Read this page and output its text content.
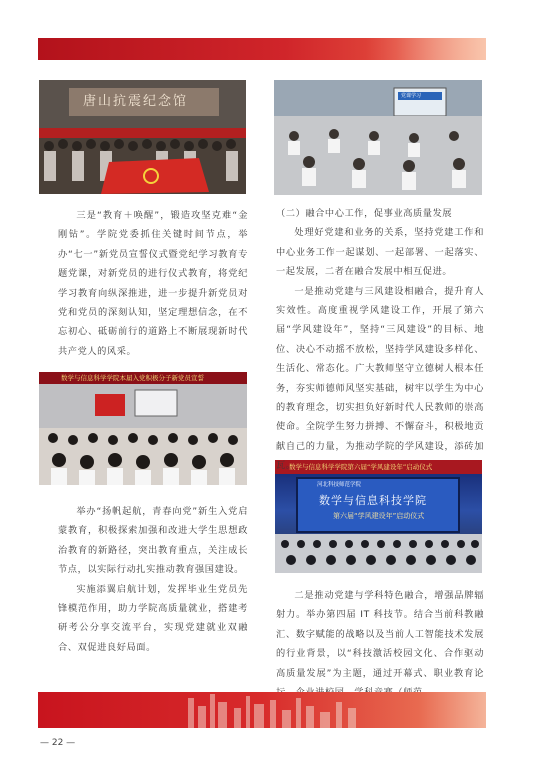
唐山抗震纪念馆	党课学习
数学与信息科学学院本届入党积极分子新党员宣誓
数学与信息科学学院第六届“学风建设年”启动仪式
河北科技师范学院
数学与信息科技学院
第六届“学风建设年”启动仪式

三是“教育＋唤醒”，锻造攻坚克难“金刚钻”。学院党委抓住关键时间节点，举办“七一”新党员宣誓仪式暨党纪学习教育专题党课，对新党员的进行仪式教育，将党纪学习教育向纵深推进，进一步提升新党员对党和党员的深刻认知，坚定理想信念，在不忘初心、砥砺前行的道路上不断展现新时代共产党人的风采。

举办“扬帆起航，青春向党”新生入党启蒙教育，积极探索加强和改进大学生思想政治教育的新路径，突出教育重点，关注成长节点，以实际行动扎实推动教育强国建设。

实施添翼启航计划，发挥毕业生党员先锋模范作用，助力学院高质量就业，搭建考研考公分享交流平台，实现党建就业双融合、双促进良好局面。

（二）融合中心工作，促事业高质量发展

处理好党建和业务的关系，坚持党建工作和中心业务工作一起谋划、一起部署、一起落实、一起发展，二者在融合发展中相互促进。

一是推动党建与三风建设相融合，提升育人实效性。高度重视学风建设工作，开展了第六届“学风建设年”，坚持“三风建设”的目标、地位、决心不动摇不放松，坚持学风建设多样化、生活化、常态化。广大教师坚守立德树人根本任务，夯实师德师风坚实基础，树牢以学生为中心的教育理念，切实担负好新时代人民教师的崇高使命。全院学生努力拼搏、不懈奋斗，积极地贡献自己的力量，为推动学院的学风建设，添砖加瓦。

二是推动党建与学科特色融合，增强品牌辐射力。举办第四届 IT 科技节。结合当前科教融汇、数字赋能的战略以及当前人工智能技术发展的行业背景，以“科技激活校园文化、合作驱动高质量发展”为主题，通过开幕式、职业教育论

— 22 —
